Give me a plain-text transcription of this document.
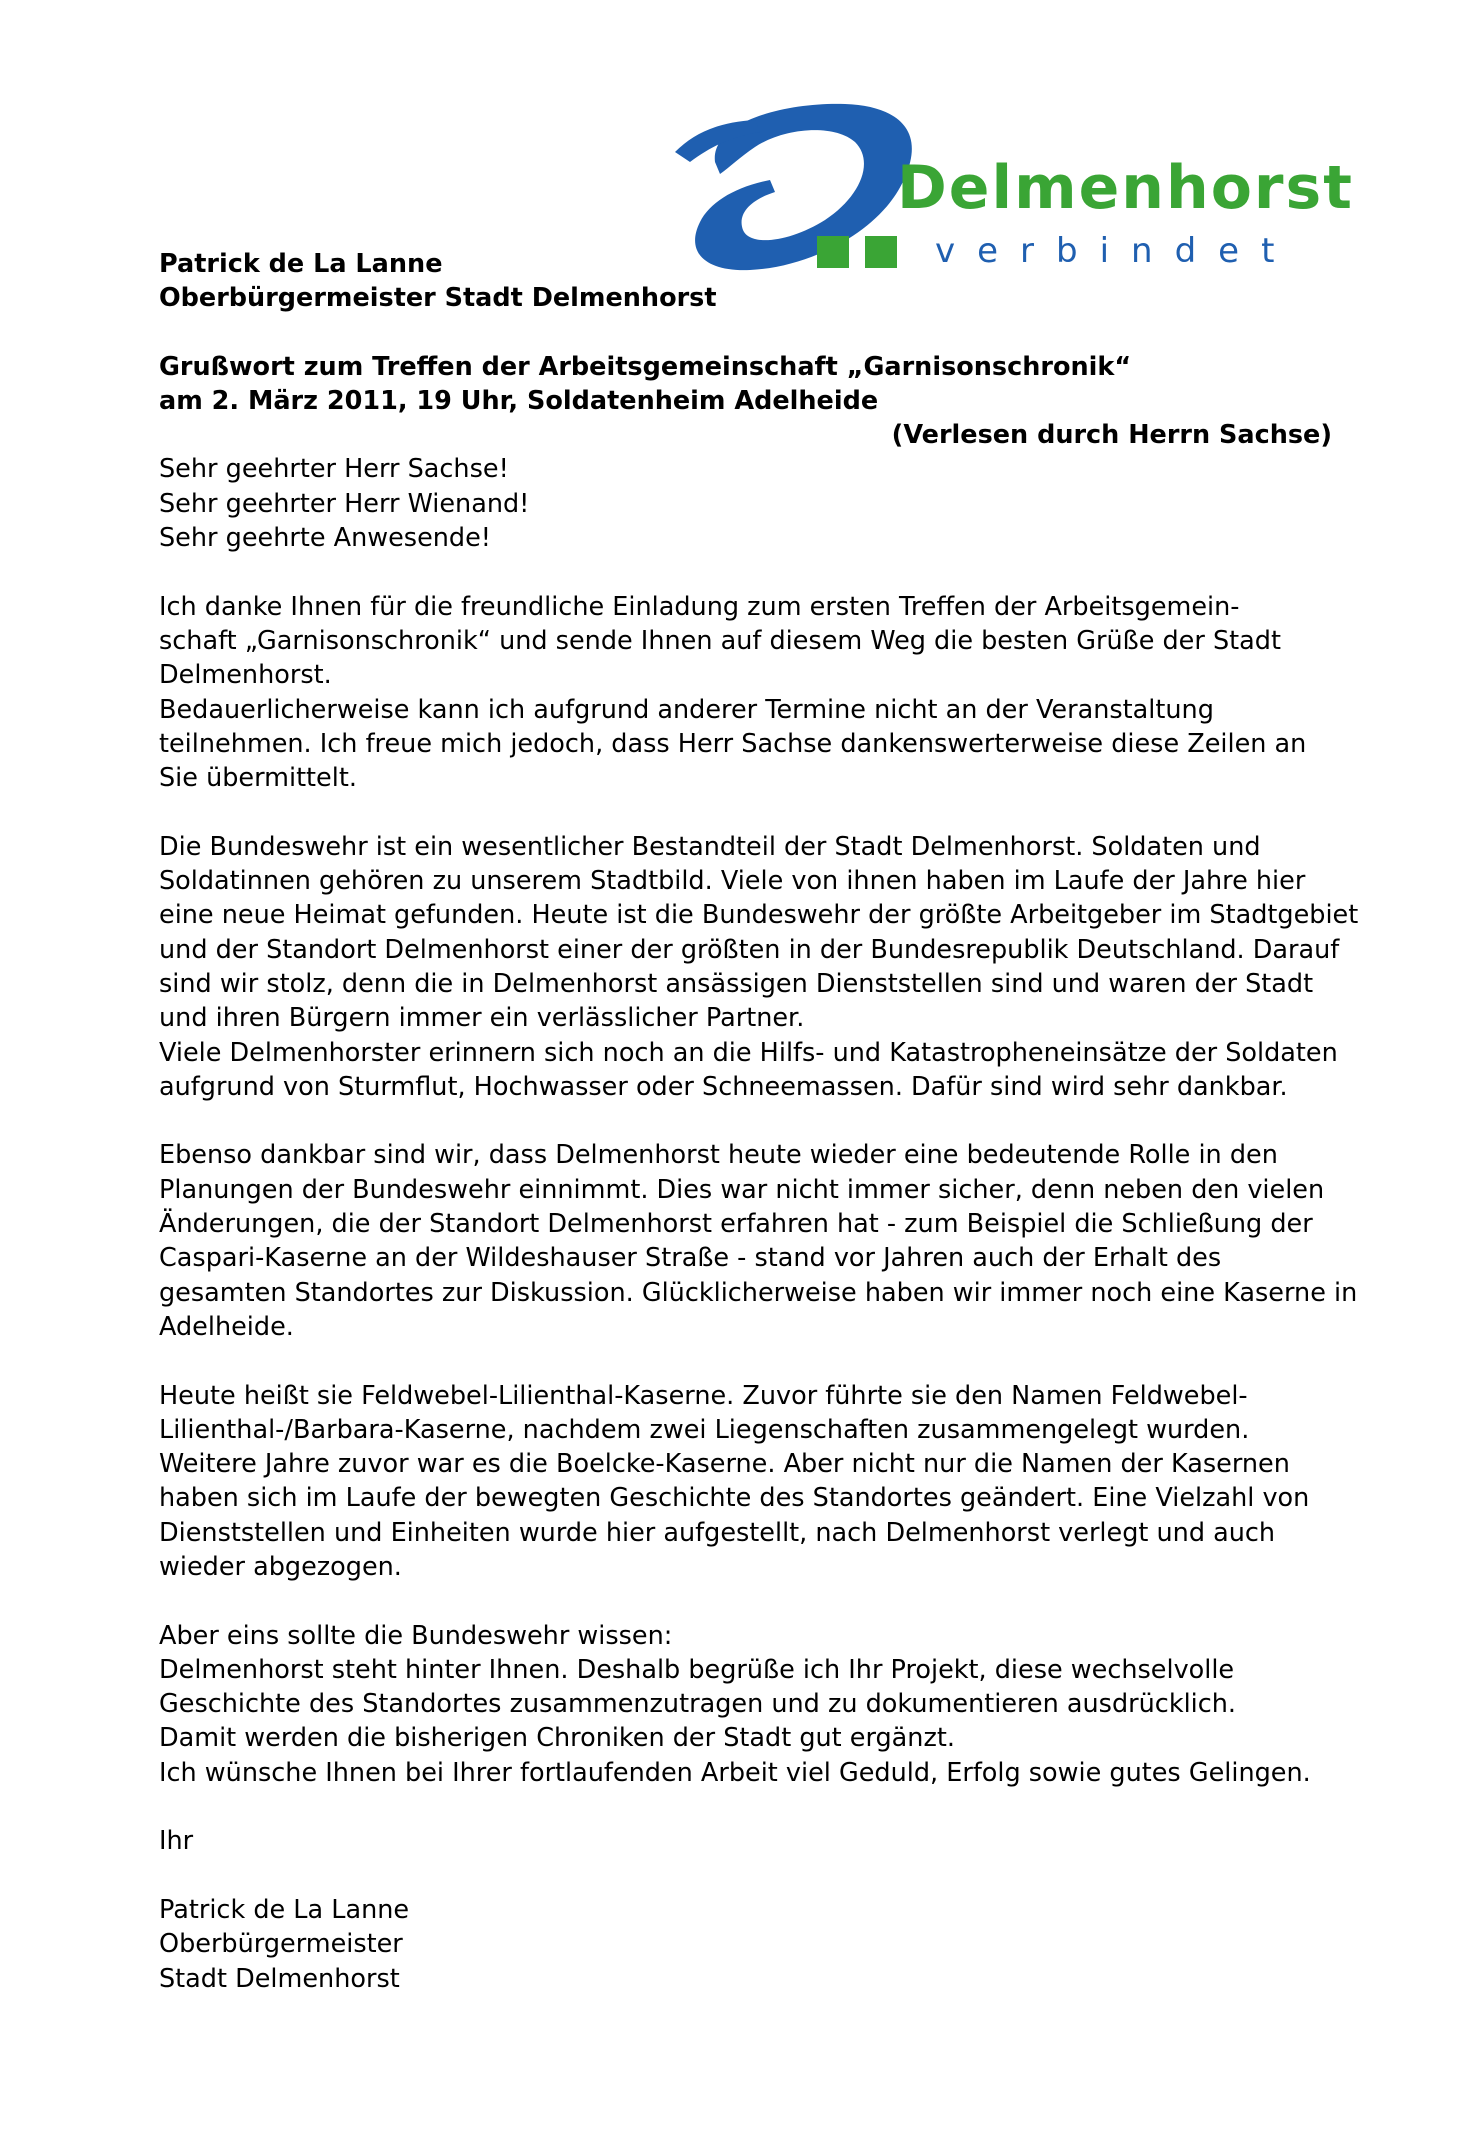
Delmenhorst
verbindet
Patrick de La Lanne
Oberbürgermeister Stadt Delmenhorst
Grußwort zum Treffen der Arbeitsgemeinschaft „Garnisonschronik“
am 2. März 2011, 19 Uhr, Soldatenheim Adelheide
(Verlesen durch Herrn Sachse)
Sehr geehrter Herr Sachse!
Sehr geehrter Herr Wienand!
Sehr geehrte Anwesende!
Ich danke Ihnen für die freundliche Einladung zum ersten Treffen der Arbeitsgemein-
schaft „Garnisonschronik“ und sende Ihnen auf diesem Weg die besten Grüße der Stadt
Delmenhorst.
Bedauerlicherweise kann ich aufgrund anderer Termine nicht an der Veranstaltung
teilnehmen. Ich freue mich jedoch, dass Herr Sachse dankenswerterweise diese Zeilen an
Sie übermittelt.
Die Bundeswehr ist ein wesentlicher Bestandteil der Stadt Delmenhorst. Soldaten und
Soldatinnen gehören zu unserem Stadtbild. Viele von ihnen haben im Laufe der Jahre hier
eine neue Heimat gefunden. Heute ist die Bundeswehr der größte Arbeitgeber im Stadtgebiet
und der Standort Delmenhorst einer der größten in der Bundesrepublik Deutschland. Darauf
sind wir stolz, denn die in Delmenhorst ansässigen Dienststellen sind und waren der Stadt
und ihren Bürgern immer ein verlässlicher Partner.
Viele Delmenhorster erinnern sich noch an die Hilfs- und Katastropheneinsätze der Soldaten
aufgrund von Sturmflut, Hochwasser oder Schneemassen. Dafür sind wird sehr dankbar.
Ebenso dankbar sind wir, dass Delmenhorst heute wieder eine bedeutende Rolle in den
Planungen der Bundeswehr einnimmt. Dies war nicht immer sicher, denn neben den vielen
Änderungen, die der Standort Delmenhorst erfahren hat - zum Beispiel die Schließung der
Caspari-Kaserne an der Wildeshauser Straße - stand vor Jahren auch der Erhalt des
gesamten Standortes zur Diskussion. Glücklicherweise haben wir immer noch eine Kaserne in
Adelheide.
Heute heißt sie Feldwebel-Lilienthal-Kaserne. Zuvor führte sie den Namen Feldwebel-
Lilienthal-/Barbara-Kaserne, nachdem zwei Liegenschaften zusammengelegt wurden.
Weitere Jahre zuvor war es die Boelcke-Kaserne. Aber nicht nur die Namen der Kasernen
haben sich im Laufe der bewegten Geschichte des Standortes geändert. Eine Vielzahl von
Dienststellen und Einheiten wurde hier aufgestellt, nach Delmenhorst verlegt und auch
wieder abgezogen.
Aber eins sollte die Bundeswehr wissen:
Delmenhorst steht hinter Ihnen. Deshalb begrüße ich Ihr Projekt, diese wechselvolle
Geschichte des Standortes zusammenzutragen und zu dokumentieren ausdrücklich.
Damit werden die bisherigen Chroniken der Stadt gut ergänzt.
Ich wünsche Ihnen bei Ihrer fortlaufenden Arbeit viel Geduld, Erfolg sowie gutes Gelingen.
Ihr
Patrick de La Lanne
Oberbürgermeister
Stadt Delmenhorst
